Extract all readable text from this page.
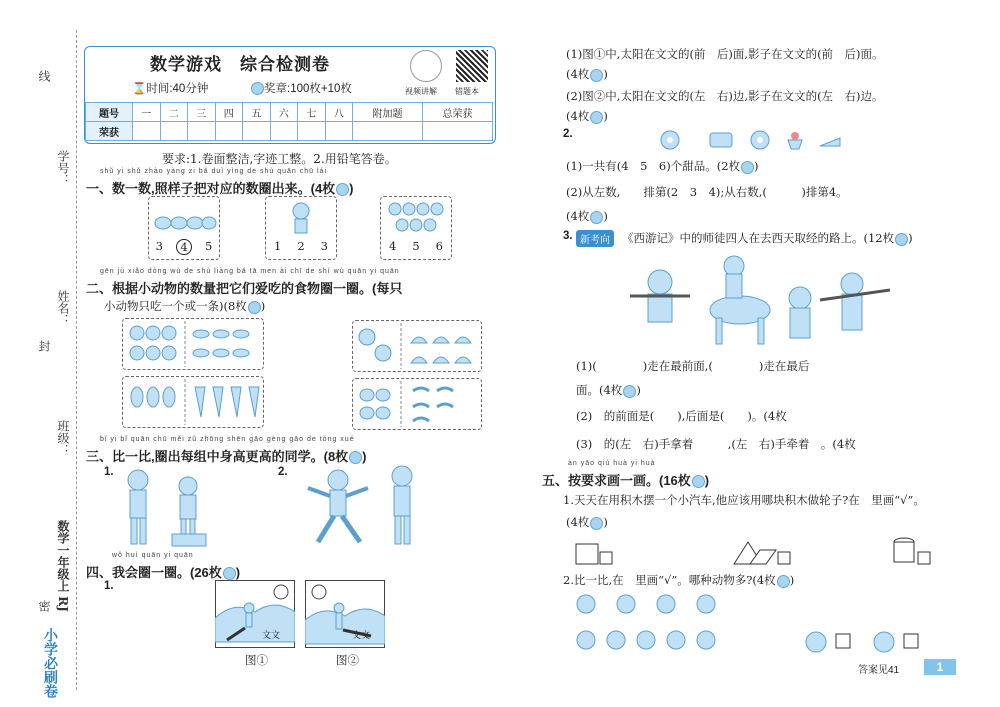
线
学号：
姓名：
封
班级：
数学一年级上 RJ
密
小学必刷卷
数学游戏　综合检测卷
⌛时间:40分钟	奖章:100枚+10枚	视频讲解 错题本
题号	一	二	三	四	五	六	七	八	附加题	总荣获
荣获										
要求:1.卷面整洁,字迹工整。2.用铅笔答卷。
shǔ yi shǔ zhào yàng zi bǎ duì yìng de shù quān chū lái
一、数一数,照样子把对应的数圈出来。(4枚 )
3	4	5	1 2 3	4 5 6
gēn jù xiǎo dòng wù de shù liàng bǎ tā men ài chī de shí wù quān yi quān
二、根据小动物的数量把它们爱吃的食物圈一圈。(每只
小动物只吃一个或一条)(8枚 )
bǐ yi bǐ quān chū měi zǔ zhōng shēn gāo gèng gāo de tóng xué
三、比一比,圈出每组中身高更高的同学。(8枚 )
1.	2.
wǒ huì quān yi quān
四、我会圈一圈。(26枚 )
1.
文文	文文
图①	图②
(1)图①中,太阳在文文的(前　后)面,影子在文文的(前　后)面。
(4枚 )
(2)图②中,太阳在文文的(左　右)边,影子在文文的(左　右)边。
(4枚 )
2.
(1)一共有(4　5　6)个甜品。(2枚 )
(2)从左数,　　排第(2　3　4);从右数,(　　　)排第4。
(4枚 )
3. 新考向	《西游记》中的师徒四人在去西天取经的路上。(12枚 )
(1)(　　　　)走在最前面,(　　　　)走在最后
面。(4枚 )
(2)　的前面是(　　),后面是(　　)。(4枚
(3)　的(左　右)手拿着　　　,(左　右)手牵着　。(4枚
àn yāo qiú huà yi huà
五、按要求画一画。(16枚 )
1.天天在用积木摆一个小汽车,他应该用哪块积木做轮子?在　里画“√”。
(4枚 )
2.比一比,在　里画“√”。哪种动物多?(4枚 )
答案见41	1
